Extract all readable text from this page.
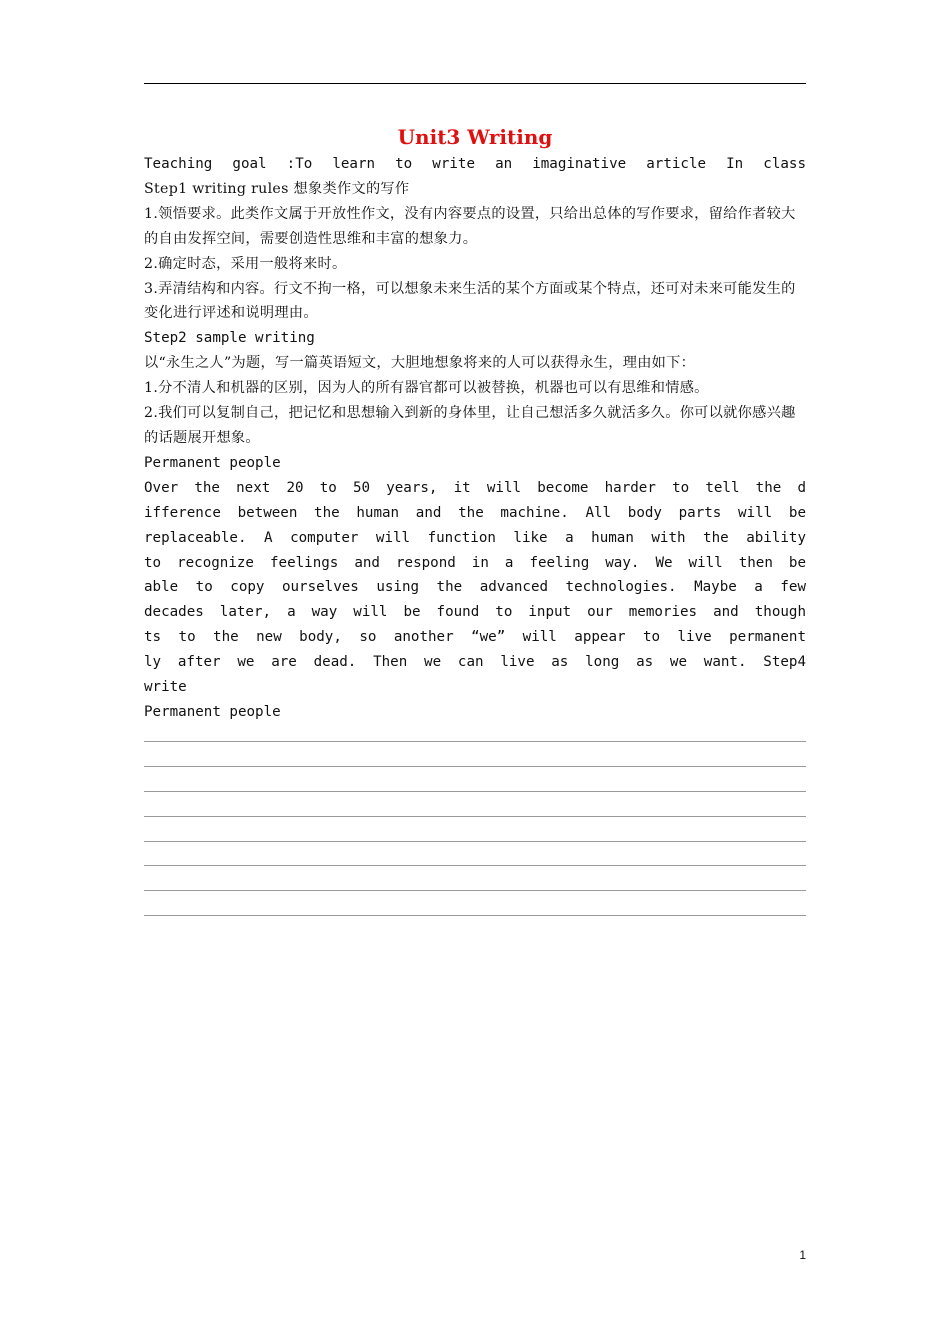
Unit3 Writing
Teaching goal :To learn to write an imaginative article In class
Step1 writing rules 想象类作文的写作
1.领悟要求。此类作文属于开放性作文，没有内容要点的设置，只给出总体的写作要求，留给作者较大的自由发挥空间，需要创造性思维和丰富的想象力。
2.确定时态，采用一般将来时。
3.弄清结构和内容。行文不拘一格，可以想象未来生活的某个方面或某个特点，还可对未来可能发生的变化进行评述和说明理由。
Step2 sample writing
以“永生之人”为题，写一篇英语短文，大胆地想象将来的人可以获得永生，理由如下：
1.分不清人和机器的区别，因为人的所有器官都可以被替换，机器也可以有思维和情感。
2.我们可以复制自己，把记忆和思想输入到新的身体里，让自己想活多久就活多久。你可以就你感兴趣的话题展开想象。
Permanent people
Over the next 20 to 50 years, it will become harder to tell the d
ifference between the human and the machine. All body parts will be
replaceable. A computer will function like a human with the ability
to recognize feelings and respond in a feeling way. We will then be
able to copy ourselves using the advanced technologies. Maybe a few
decades later, a way will be found to input our memories and though
ts to the new body, so another “we” will appear to live permanent
ly after we are dead. Then we can live as long as we want. Step4
write
Permanent people
1
